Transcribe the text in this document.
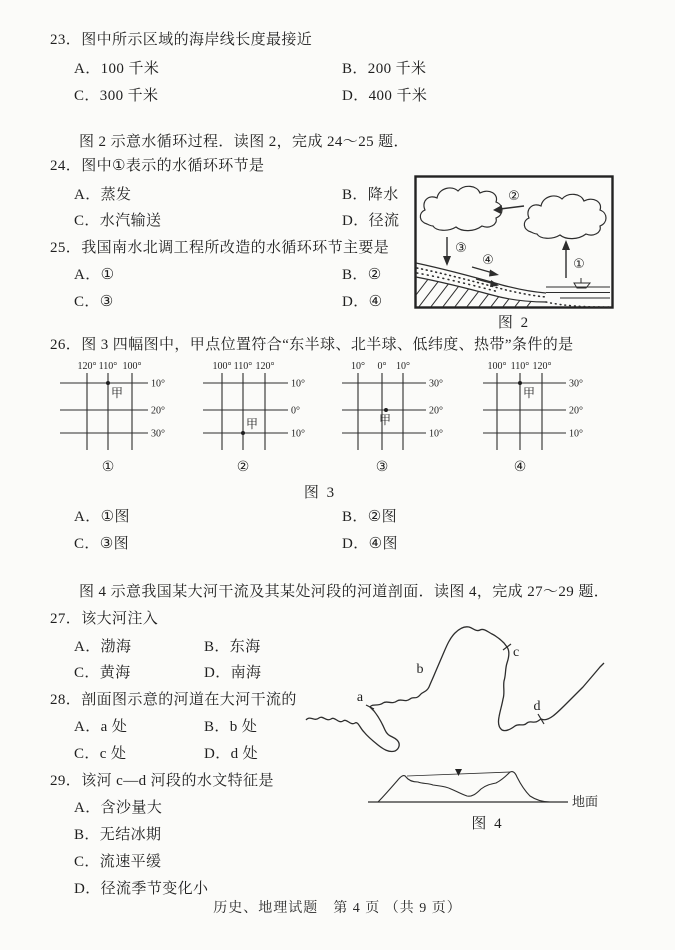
23．图中所示区域的海岸线长度最接近
A．100 千米	B．200 千米
C．300 千米	D．400 千米
图 2 示意水循环过程．读图 2，完成 24～25 题．
24．图中①表示的水循环环节是
A．蒸发	B．降水
C．水汽输送	D．径流
25．我国南水北调工程所改造的水循环环节主要是
A．①	B．②
C．③	D．④
②
③
①
④
图 2
26．图 3 四幅图中，甲点位置符合“东半球、北半球、低纬度、热带”条件的是
120° 110° 100°
10°
20°
30°
甲
①
100° 110° 120°
10°
0°
10°
甲
②
10° 0° 10°
30°
20°
10°
甲
③
100° 110° 120°
30°
20°
10°
甲
④
图 3
A．①图	B．②图
C．③图	D．④图
图 4 示意我国某大河干流及其某处河段的河道剖面．读图 4，完成 27～29 题．
27．该大河注入
A．渤海	B．东海
C．黄海	D．南海
28．剖面图示意的河道在大河干流的
A．a 处	B．b 处
C．c 处	D．d 处
29．该河 c—d 河段的水文特征是
A．含沙量大
B．无结冰期
C．流速平缓
D．径流季节变化小
a
b
c
d
地面
图 4
历史、地理试题　第 4 页 （共 9 页）
